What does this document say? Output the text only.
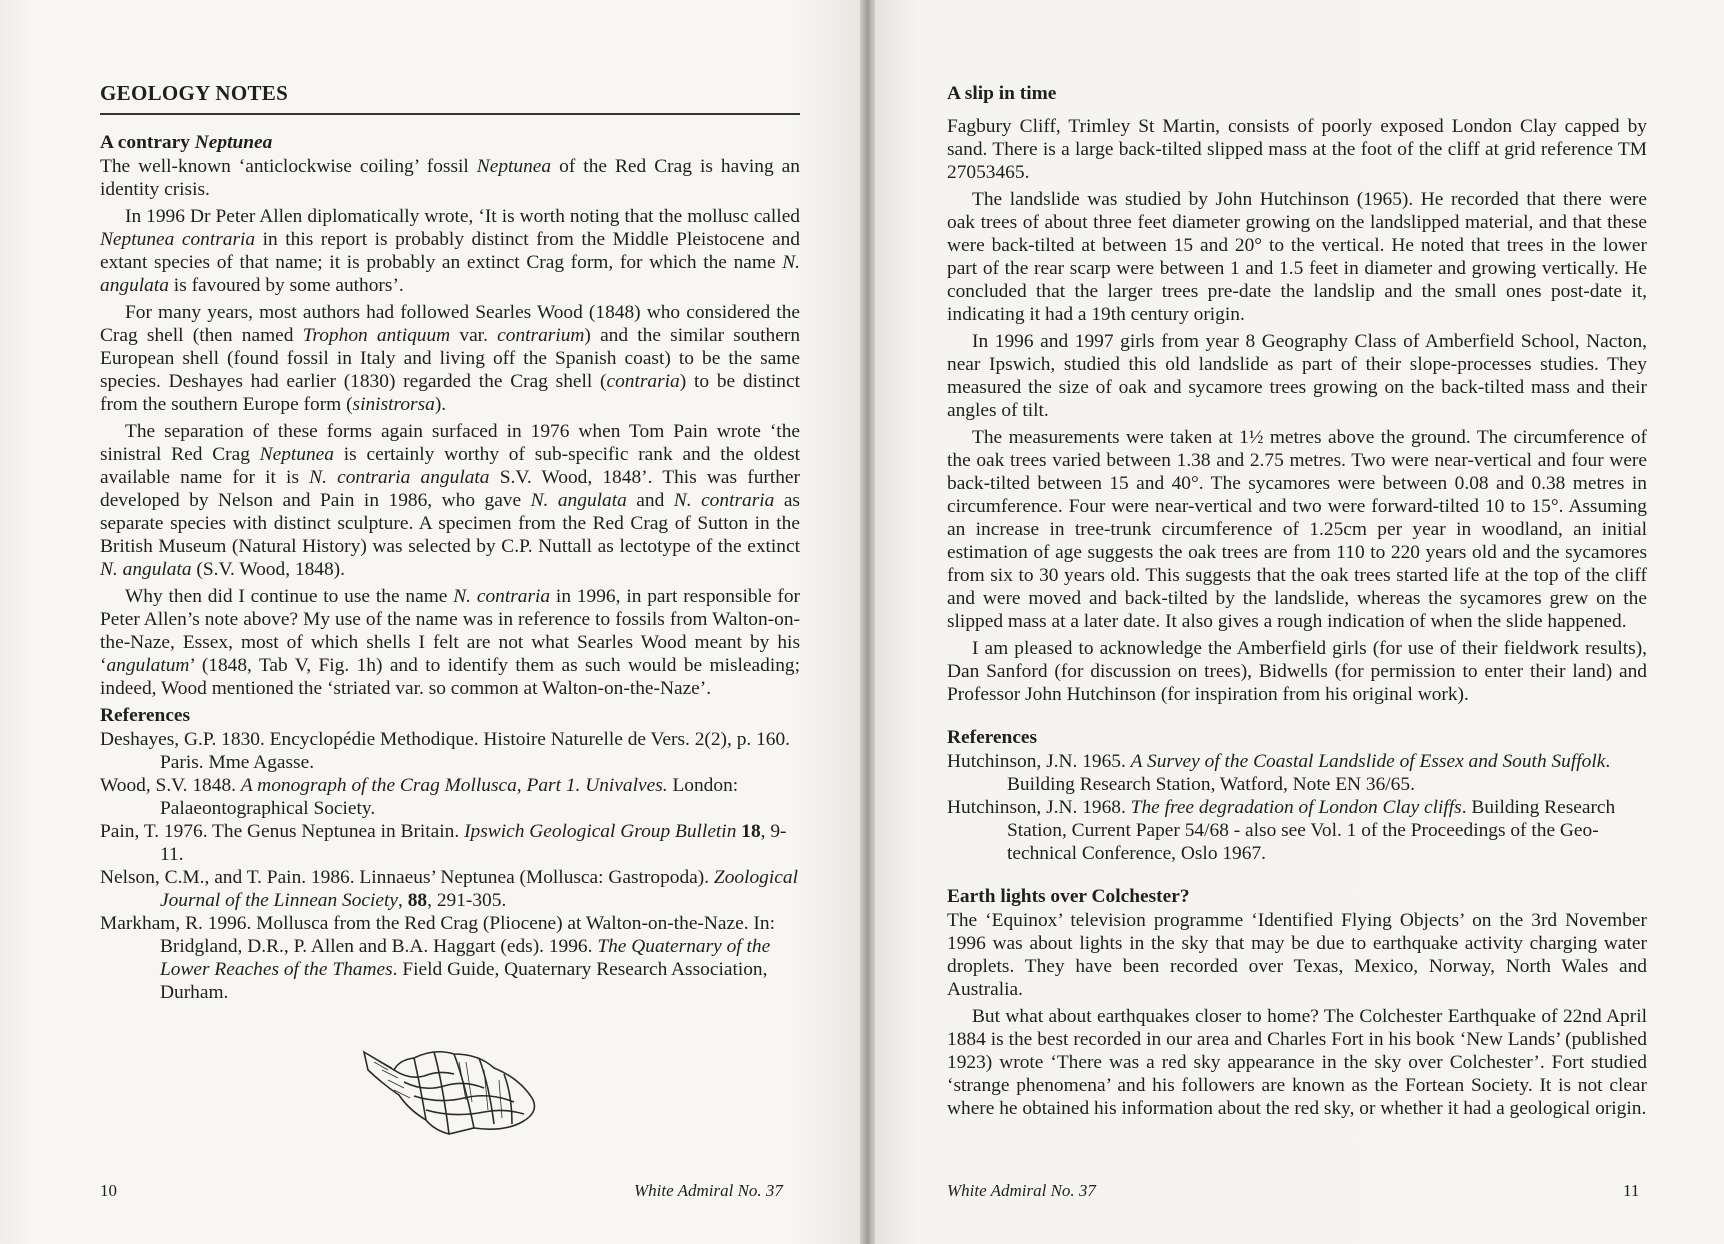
GEOLOGY NOTES
A contrary Neptunea

The well-known ‘anticlockwise coiling’ fossil Neptunea of the Red Crag is having an identity crisis.

In 1996 Dr Peter Allen diplomatically wrote, ‘It is worth noting that the mollusc called Neptunea contraria in this report is probably distinct from the Middle Pleistocene and extant species of that name; it is probably an extinct Crag form, for which the name N. angulata is favoured by some authors’.

For many years, most authors had followed Searles Wood (1848) who considered the Crag shell (then named Trophon antiquum var. contrarium) and the similar southern European shell (found fossil in Italy and living off the Spanish coast) to be the same species. Deshayes had earlier (1830) regarded the Crag shell (contraria) to be distinct from the southern Europe form (sinistrorsa).

The separation of these forms again surfaced in 1976 when Tom Pain wrote ‘the sinistral Red Crag Neptunea is certainly worthy of sub-specific rank and the oldest available name for it is N. contraria angulata S.V. Wood, 1848’. This was further developed by Nelson and Pain in 1986, who gave N. angulata and N. contraria as separate species with distinct sculpture. A specimen from the Red Crag of Sutton in the British Museum (Natural History) was selected by C.P. Nuttall as lectotype of the extinct N. angulata (S.V. Wood, 1848).

Why then did I continue to use the name N. contraria in 1996, in part responsible for Peter Allen’s note above? My use of the name was in reference to fossils from Walton-on-the-Naze, Essex, most of which shells I felt are not what Searles Wood meant by his ‘angulatum’ (1848, Tab V, Fig. 1h) and to identify them as such would be misleading; indeed, Wood mentioned the ‘striated var. so common at Walton-on-the-Naze’.

References

Deshayes, G.P. 1830. Encyclopédie Methodique. Histoire Naturelle de Vers. 2(2), p. 160. Paris. Mme Agasse.

Wood, S.V. 1848. A monograph of the Crag Mollusca, Part 1. Univalves. London: Palaeontographical Society.

Pain, T. 1976. The Genus Neptunea in Britain. Ipswich Geological Group Bulletin 18, 9-11.

Nelson, C.M., and T. Pain. 1986. Linnaeus’ Neptunea (Mollusca: Gastropoda). Zoological Journal of the Linnean Society, 88, 291-305.

Markham, R. 1996. Mollusca from the Red Crag (Pliocene) at Walton-on-the-Naze. In: Bridgland, D.R., P. Allen and B.A. Haggart (eds). 1996. The Quaternary of the Lower Reaches of the Thames. Field Guide, Quaternary Research Association, Durham.

10	White Admiral No. 37
A slip in time

Fagbury Cliff, Trimley St Martin, consists of poorly exposed London Clay capped by sand. There is a large back-tilted slipped mass at the foot of the cliff at grid reference TM 27053465.

The landslide was studied by John Hutchinson (1965). He recorded that there were oak trees of about three feet diameter growing on the landslipped material, and that these were back-tilted at between 15 and 20° to the vertical. He noted that trees in the lower part of the rear scarp were between 1 and 1.5 feet in diameter and growing vertically. He concluded that the larger trees pre-date the landslip and the small ones post-date it, indicating it had a 19th century origin.

In 1996 and 1997 girls from year 8 Geography Class of Amberfield School, Nacton, near Ipswich, studied this old landslide as part of their slope-processes studies. They measured the size of oak and sycamore trees growing on the back-tilted mass and their angles of tilt.

The measurements were taken at 1½ metres above the ground. The circumference of the oak trees varied between 1.38 and 2.75 metres. Two were near-vertical and four were back-tilted between 15 and 40°. The sycamores were between 0.08 and 0.38 metres in circumference. Four were near-vertical and two were forward-tilted 10 to 15°. Assuming an increase in tree-trunk circumference of 1.25cm per year in woodland, an initial estimation of age suggests the oak trees are from 110 to 220 years old and the sycamores from six to 30 years old. This suggests that the oak trees started life at the top of the cliff and were moved and back-tilted by the landslide, whereas the sycamores grew on the slipped mass at a later date. It also gives a rough indication of when the slide happened.

I am pleased to acknowledge the Amberfield girls (for use of their fieldwork results), Dan Sanford (for discussion on trees), Bidwells (for permission to enter their land) and Professor John Hutchinson (for inspiration from his original work).

References

Hutchinson, J.N. 1965. A Survey of the Coastal Landslide of Essex and South Suffolk. Building Research Station, Watford, Note EN 36/65.

Hutchinson, J.N. 1968. The free degradation of London Clay cliffs. Building Research Station, Current Paper 54/68 - also see Vol. 1 of the Proceedings of the Geo-technical Conference, Oslo 1967.

Earth lights over Colchester?

The ‘Equinox’ television programme ‘Identified Flying Objects’ on the 3rd November 1996 was about lights in the sky that may be due to earthquake activity charging water droplets. They have been recorded over Texas, Mexico, Norway, North Wales and Australia.

But what about earthquakes closer to home? The Colchester Earthquake of 22nd April 1884 is the best recorded in our area and Charles Fort in his book ‘New Lands’ (published 1923) wrote ‘There was a red sky appearance in the sky over Colchester’. Fort studied ‘strange phenomena’ and his followers are known as the Fortean Society. It is not clear where he obtained his information about the red sky, or whether it had a geological origin.

White Admiral No. 37	11
